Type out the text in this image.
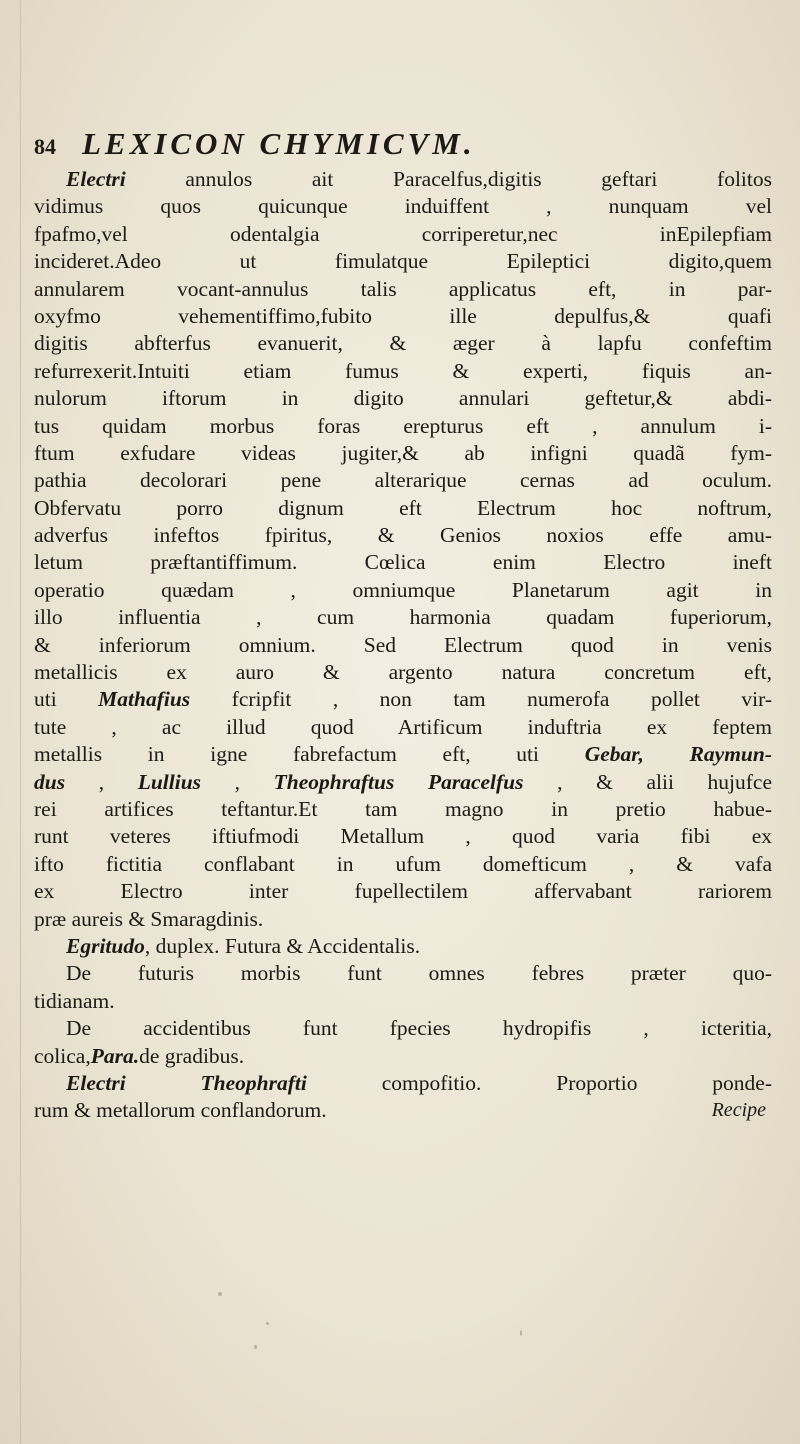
84 LEXICON CHYMICVM.
Electri annulos ait Paracelfus,digitis geftari folitos
vidimus quos quicunque induiffent , nunquam vel
fpafmo,vel odentalgia corriperetur,nec inEpilepfiam
incideret.Adeo ut fimulatque Epileptici digito,quem
annularem vocant-annulus talis applicatus eft, in par-
oxyfmo vehementiffimo,fubito ille depulfus,& quafi
digitis abfterfus evanuerit, & æger à lapfu confeftim
refurrexerit.Intuiti etiam fumus & experti, fiquis an-
nulorum iftorum in digito annulari geftetur,& abdi-
tus quidam morbus foras erepturus eft , annulum i-
ftum exfudare videas jugiter,& ab infigni quadã fym-
pathia decolorari pene alterarique cernas ad oculum.
Obfervatu porro dignum eft Electrum hoc noftrum,
adverfus infeftos fpiritus, & Genios noxios effe amu-
letum præftantiffimum. Cœlica enim Electro ineft
operatio quædam , omniumque Planetarum agit in
illo influentia , cum harmonia quadam fuperiorum,
& inferiorum omnium. Sed Electrum quod in venis
metallicis ex auro & argento natura concretum eft,
uti Mathafius fcripfit , non tam numerofa pollet vir-
tute , ac illud quod Artificum induftria ex feptem
metallis in igne fabrefactum eft, uti Gebar, Raymun-
dus , Lullius , Theophraftus Paracelfus , & alii hujufce
rei artifices teftantur.Et tam magno in pretio habue-
runt veteres iftiufmodi Metallum , quod varia fibi ex
ifto fictitia conflabant in ufum domefticum , & vafa
ex Electro inter fupellectilem affervabant rariorem
præ aureis & Smaragdinis.
Egritudo, duplex. Futura & Accidentalis.
De futuris morbis funt omnes febres præter quo-
tidianam.
De accidentibus funt fpecies hydropifis , icteritia,
colica,Para.de gradibus.
Electri Theophrafti compofitio. Proportio ponde-
rum & metallorum conflandorum.	Recipe
